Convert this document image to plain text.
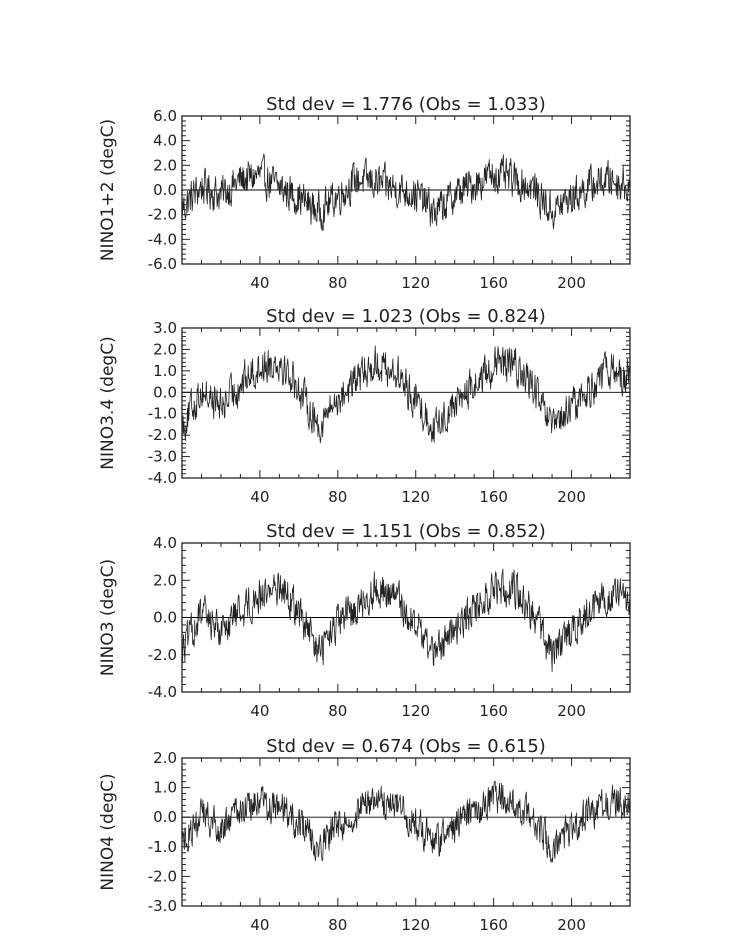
Std dev = 1.776 (Obs = 1.033)
NINO1+2 (degC)
40	80	120	160	200
6.0
4.0
2.0
0.0
-2.0
-4.0
-6.0
Std dev = 1.023 (Obs = 0.824)
NINO3.4 (degC)
40	80	120	160	200
3.0
2.0
1.0
0.0
-1.0
-2.0
-3.0
-4.0
Std dev = 1.151 (Obs = 0.852)
NINO3 (degC)
40	80	120	160	200
4.0
2.0
0.0
-2.0
-4.0
Std dev = 0.674 (Obs = 0.615)
NINO4 (degC)
40	80	120	160	200
2.0
1.0
0.0
-1.0
-2.0
-3.0
